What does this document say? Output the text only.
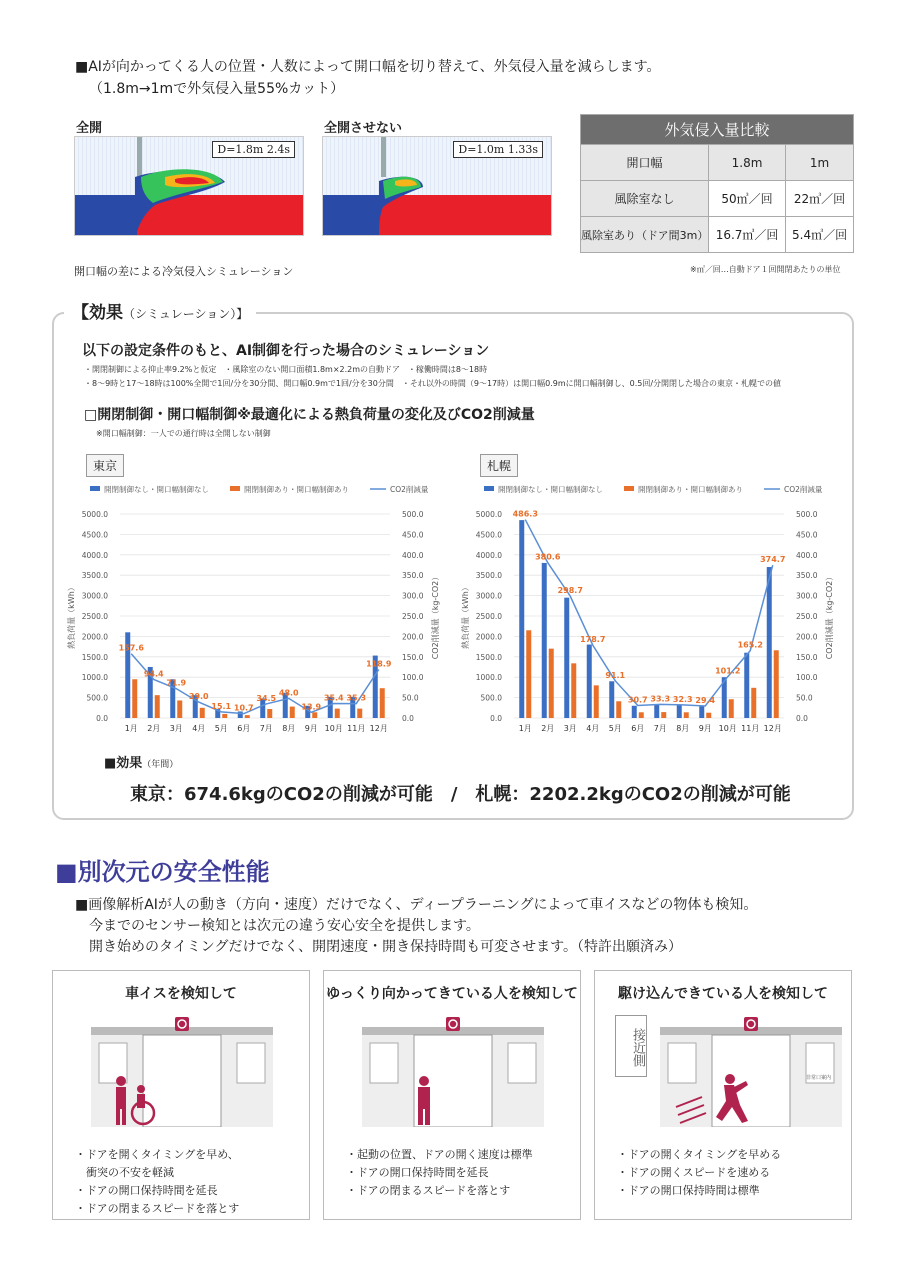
■AIが向かってくる人の位置・人数によって開口幅を切り替えて、外気侵入量を減らします。
（1.8m→1mで外気侵入量55%カット）
全開
D=1.8m 2.4s
全開させない
D=1.0m 1.33s
開口幅の差による冷気侵入シミュレーション
外気侵入量比較		
開口幅	1.8m	1m
風除室なし	50㎥／回	22㎥／回
風除室あり（ドア間3m）	16.7㎥／回	5.4㎥／回
※㎥／回…自動ドア１回開閉あたりの単位
【効果（シミュレーション）】
以下の設定条件のもと、AI制御を行った場合のシミュレーション
・開閉制御による抑止率9.2%と仮定　・風除室のない開口面積1.8m×2.2mの自動ドア　・稼働時間は8〜18時
・8〜9時と17〜18時は100%全開で1回/分を30分間、開口幅0.9mで1回/分を30分間　・それ以外の時間（9〜17時）は開口幅0.9mに開口幅制御し、0.5回/分開閉した場合の東京・札幌での値
□開閉制御・開口幅制御※最適化による熱負荷量の変化及びCO2削減量
※開口幅制御：一人での通行時は全開しない制御
東京	札幌
開閉制御なし・開口幅制御なし	開閉制御あり・開口幅制御あり	CO2削減量
0.0	0.0
500.0	50.0
1000.0	100.0
1500.0	150.0
2000.0	200.0
2500.0	250.0
3000.0	300.0
3500.0	350.0
4000.0	400.0
4500.0	450.0
5000.0	500.0
熱負荷量（kWh）	CO2削減量（kg-CO2）
1月 2月 3月 4月 5月 6月 7月 8月 9月 10月 11月 12月
157.6
94.4
71.9
39.0
15.1 10.7
34.5
48.0
13.9
35.4 35.3
118.9
開閉制御なし・開口幅制御なし	開閉制御あり・開口幅制御あり	CO2削減量
0.0	0.0
500.0	50.0
1000.0	100.0
1500.0	150.0
2000.0	200.0
2500.0	250.0
3000.0	300.0
3500.0	350.0
4000.0	400.0
4500.0	450.0
5000.0	500.0
熱負荷量（kWh）	CO2削減量（kg-CO2）
1月 2月 3月 4月 5月 6月 7月 8月 9月 10月 11月 12月
486.3
380.6
298.7
178.7
91.1
30.7 33.3 32.3 29.4
101.2
165.2
374.7
■効果（年間）
東京：674.6kgのCO2の削減が可能　/　札幌：2202.2kgのCO2の削減が可能
■別次元の安全性能
■画像解析AIが人の動き（方向・速度）だけでなく、ディープラーニングによって車イスなどの物体も検知。
今までのセンサー検知とは次元の違う安心安全を提供します。
開き始めのタイミングだけでなく、開閉速度・開き保持時間も可変させます。（特許出願済み）
車イスを検知して
・ドアを開くタイミングを早め、
　衝突の不安を軽減
・ドアの開口保持時間を延長
・ドアの閉まるスピードを落とす
ゆっくり向かってきている人を検知して
・起動の位置、ドアの開く速度は標準
・ドアの開口保持時間を延長
・ドアの閉まるスピードを落とす
駆け込んできている人を検知して
接近側
・ドアの開くタイミングを早める
・ドアの開くスピードを速める
・ドアの開口保持時間は標準
非常口案内
